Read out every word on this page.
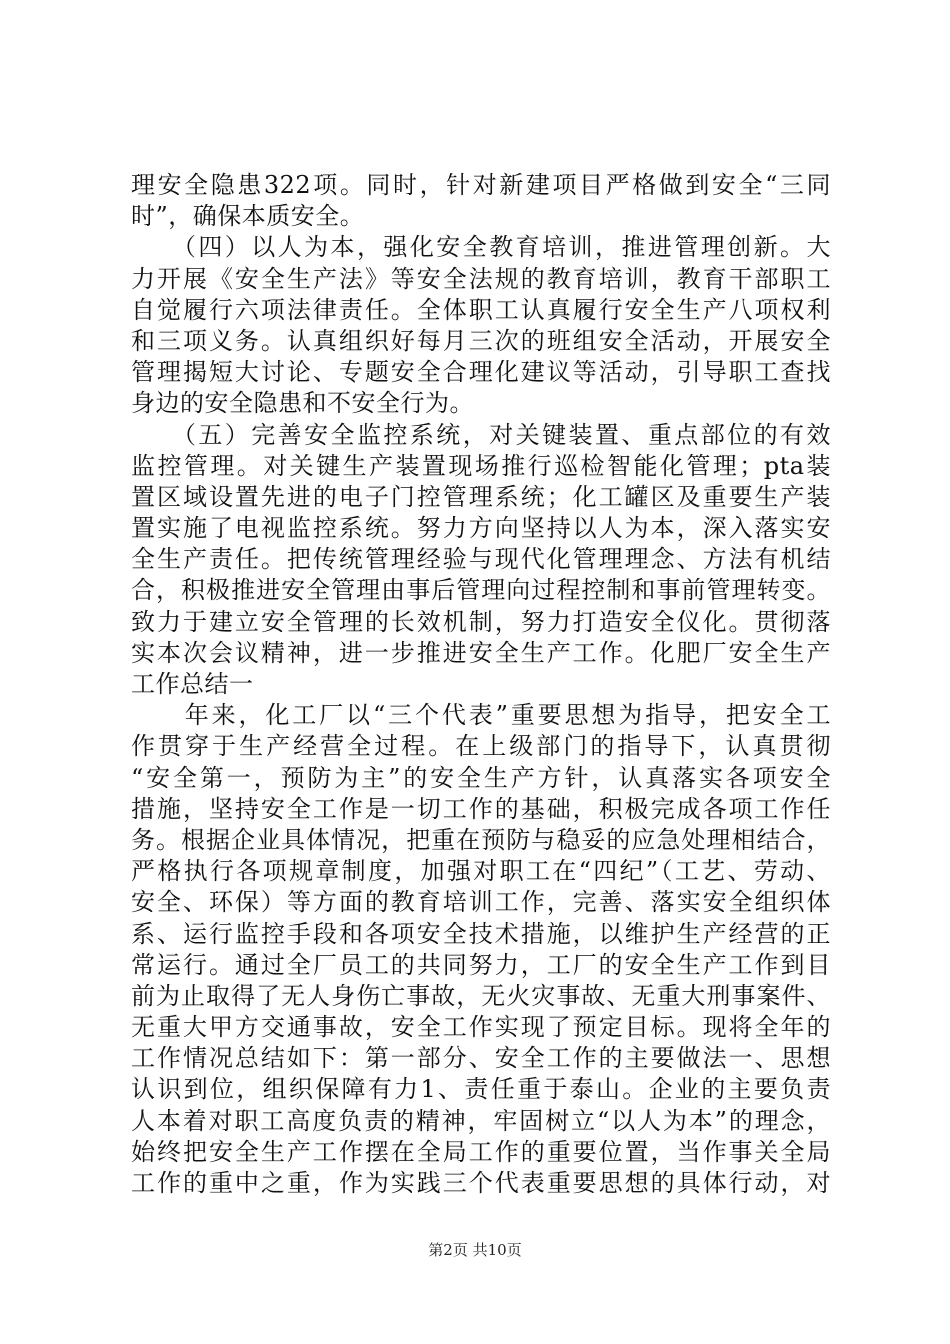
理安全隐患322项。同时，针对新建项目严格做到安全“三同
时”，确保本质安全。
　　（四）以人为本，强化安全教育培训，推进管理创新。大
力开展《安全生产法》等安全法规的教育培训，教育干部职工
自觉履行六项法律责任。全体职工认真履行安全生产八项权利
和三项义务。认真组织好每月三次的班组安全活动，开展安全
管理揭短大讨论、专题安全合理化建议等活动，引导职工查找
身边的安全隐患和不安全行为。
　　（五）完善安全监控系统，对关键装置、重点部位的有效
监控管理。对关键生产装置现场推行巡检智能化管理；pta装
置区域设置先进的电子门控管理系统；化工罐区及重要生产装
置实施了电视监控系统。努力方向坚持以人为本，深入落实安
全生产责任。把传统管理经验与现代化管理理念、方法有机结
合，积极推进安全管理由事后管理向过程控制和事前管理转变。
致力于建立安全管理的长效机制，努力打造安全仪化。贯彻落
实本次会议精神，进一步推进安全生产工作。化肥厂安全生产
工作总结一
　　年来，化工厂以“三个代表”重要思想为指导，把安全工
作贯穿于生产经营全过程。在上级部门的指导下，认真贯彻
“安全第一，预防为主”的安全生产方针，认真落实各项安全
措施，坚持安全工作是一切工作的基础，积极完成各项工作任
务。根据企业具体情况，把重在预防与稳妥的应急处理相结合，
严格执行各项规章制度，加强对职工在“四纪”（工艺、劳动、
安全、环保）等方面的教育培训工作，完善、落实安全组织体
系、运行监控手段和各项安全技术措施，以维护生产经营的正
常运行。通过全厂员工的共同努力，工厂的安全生产工作到目
前为止取得了无人身伤亡事故，无火灾事故、无重大刑事案件、
无重大甲方交通事故，安全工作实现了预定目标。现将全年的
工作情况总结如下：第一部分、安全工作的主要做法一、思想
认识到位，组织保障有力1、责任重于泰山。企业的主要负责
人本着对职工高度负责的精神，牢固树立“以人为本”的理念，
始终把安全生产工作摆在全局工作的重要位置，当作事关全局
工作的重中之重，作为实践三个代表重要思想的具体行动，对
第2页 共10页
